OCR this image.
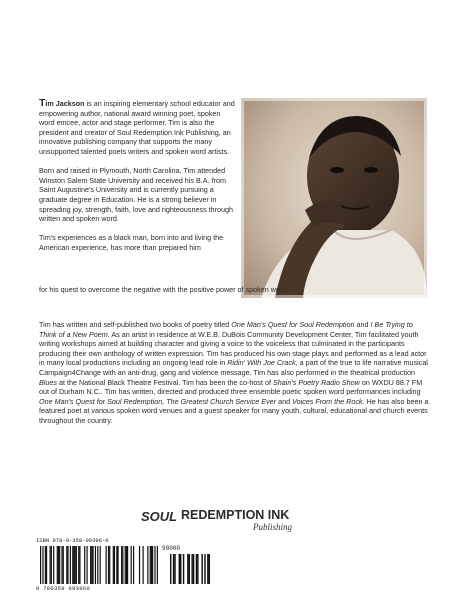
Tim Jackson is an inspiring elementary school educator and empowering author, national award winning poet, spoken word emcee, actor and stage performer. Tim is also the president and creator of Soul Redemption Ink Publishing, an innovative publishing company that supports the many unsupported talented poets writers and spoken word artists.

Born and raised in Plymouth, North Carolina, Tim attended Winston Salem State University and received his B.A. from Saint Augustine's University and is currently pursuing a graduate degree in Education. He is a strong believer in spreading joy, strength, faith, love and righteousness through written and spoken word.

Tim's experiences as a black man, born into and living the American experience, has more than prepared him

for his quest to overcome the negative with the positive power of spoken word.

Tim has written and self-published two books of poetry titled One Man's Quest for Soul Redemption and I Be Trying to Think of a New Poem. As an artist in residence at W.E.B. DuBois Community Development Center, Tim facilitated youth writing workshops aimed at building character and giving a voice to the voiceless that culminated in the participants producing their own anthology of written expression. Tim has produced his own stage plays and performed as a lead actor in many local productions including an ongoing lead role in Ridin' With Joe Crack, a part of the true to life narrative musical Campaign4Change with an anti-drug, gang and violence message. Tim has also performed in the theatrical production Blues at the National Black Theatre Festival. Tim has been the co-host of Shairi's Poetry Radio Show on WXDU 88.7 FM out of Durham N.C.. Tim has written, directed and produced three ensemble poetic spoken word performances including One Man's Quest for Soul Redemption, The Greatest Church Service Ever and Voices From the Rock. He has also been a featured poet at various spoken word venues and a guest speaker for many youth, cultural, educational and church events throughout the country.

SOUL REDEMPTION INK
Publishing
ISBN 978-0-359-09396-0
90000
9 780359 093960
